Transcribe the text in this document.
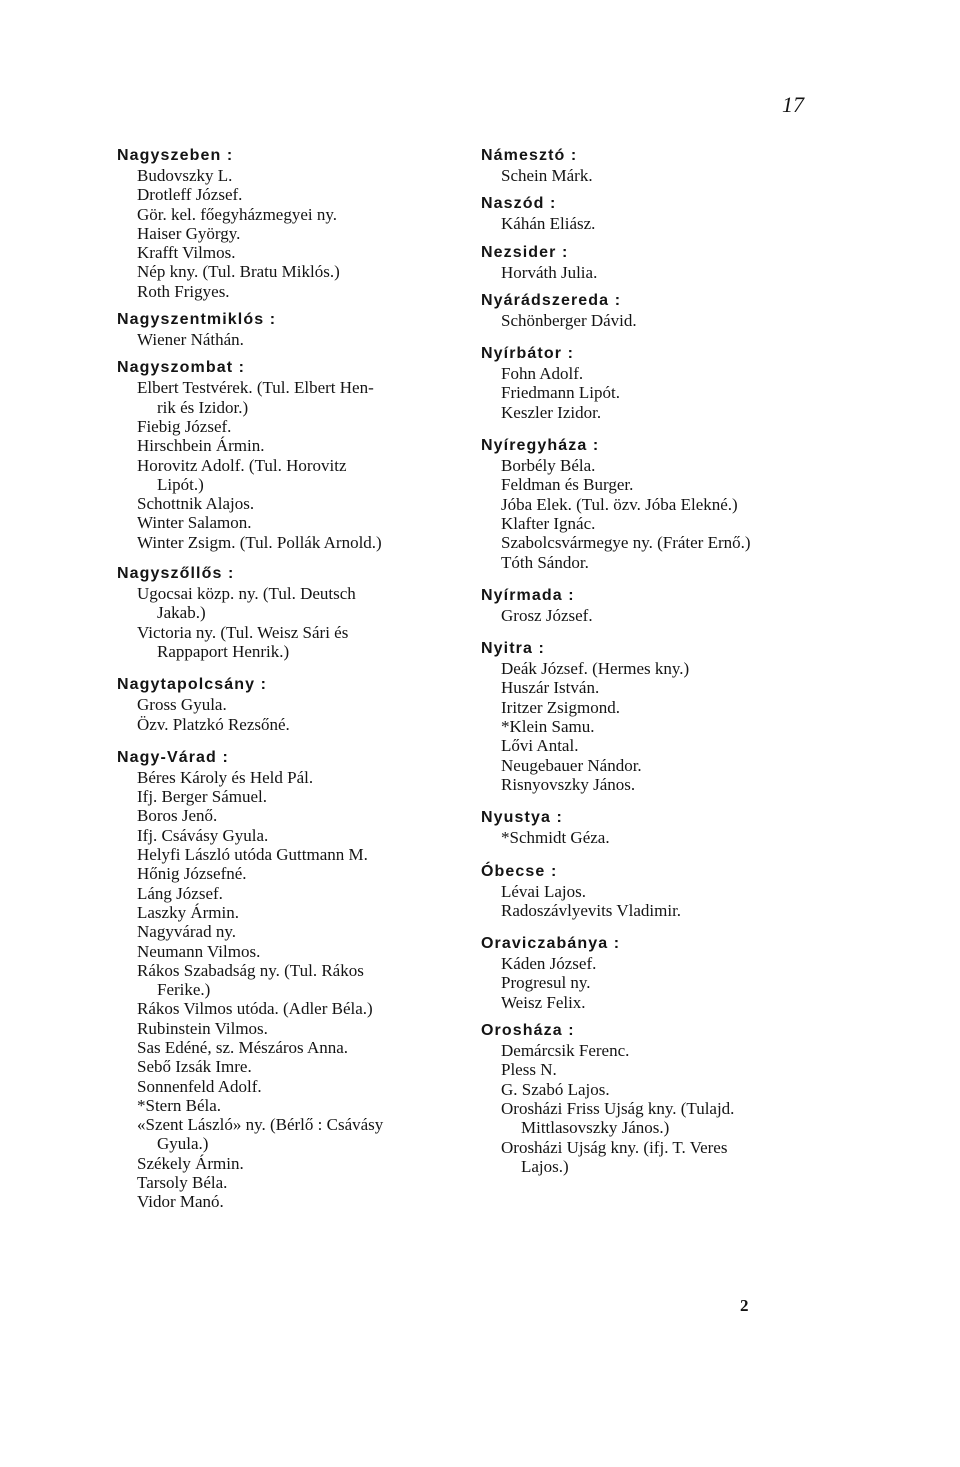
17
Nagyszeben :
Budovszky L.
Drotleff József.
Gör. kel. főegyházmegyei ny.
Haiser György.
Krafft Vilmos.
Nép kny. (Tul. Bratu Miklós.)
Roth Frigyes.
Nagyszentmiklós :
Wiener Náthán.
Nagyszombat :
Elbert Testvérek. (Tul. Elbert Hen-
rik és Izidor.)
Fiebig József.
Hirschbein Ármin.
Horovitz Adolf. (Tul. Horovitz
Lipót.)
Schottnik Alajos.
Winter Salamon.
Winter Zsigm. (Tul. Pollák Arnold.)
Nagyszőllős :
Ugocsai közp. ny. (Tul. Deutsch
Jakab.)
Victoria ny. (Tul. Weisz Sári és
Rappaport Henrik.)
Nagytapolcsány :
Gross Gyula.
Özv. Platzkó Rezsőné.
Nagy-Várad :
Béres Károly és Held Pál.
Ifj. Berger Sámuel.
Boros Jenő.
Ifj. Csávásy Gyula.
Helyfi László utóda Guttmann M.
Hőnig Józsefné.
Láng József.
Laszky Ármin.
Nagyvárad ny.
Neumann Vilmos.
Rákos Szabadság ny. (Tul. Rákos
Ferike.)
Rákos Vilmos utóda. (Adler Béla.)
Rubinstein Vilmos.
Sas Edéné, sz. Mészáros Anna.
Sebő Izsák Imre.
Sonnenfeld Adolf.
*Stern Béla.
«Szent László» ny. (Bérlő : Csávásy
Gyula.)
Székely Ármin.
Tarsoly Béla.
Vidor Manó.
Námesztó :
Schein Márk.
Naszód :
Káhán Eliász.
Nezsider :
Horváth Julia.
Nyárádszereda :
Schönberger Dávid.
Nyírbátor :
Fohn Adolf.
Friedmann Lipót.
Keszler Izidor.
Nyíregyháza :
Borbély Béla.
Feldman és Burger.
Jóba Elek. (Tul. özv. Jóba Elekné.)
Klafter Ignác.
Szabolcsvármegye ny. (Fráter Ernő.)
Tóth Sándor.
Nyírmada :
Grosz József.
Nyitra :
Deák József. (Hermes kny.)
Huszár István.
Iritzer Zsigmond.
*Klein Samu.
Lővi Antal.
Neugebauer Nándor.
Risnyovszky János.
Nyustya :
*Schmidt Géza.
Óbecse :
Lévai Lajos.
Radoszávlyevits Vladimir.
Oraviczabánya :
Káden József.
Progresul ny.
Weisz Felix.
Orosháza :
Demárcsik Ferenc.
Pless N.
G. Szabó Lajos.
Orosházi Friss Ujság kny. (Tulajd.
Mittlasovszky János.)
Orosházi Ujság kny. (ifj. T. Veres
Lajos.)
2
